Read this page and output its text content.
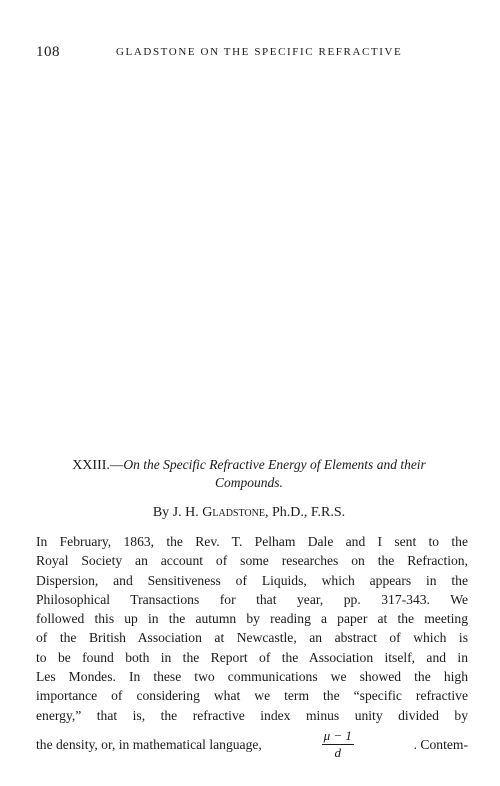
108	GLADSTONE ON THE SPECIFIC REFRACTIVE
XXIII.—On the Specific Refractive Energy of Elements and their
Compounds.
By J. H. Gladstone, Ph.D., F.R.S.
In February, 1863, the Rev. T. Pelham Dale and I sent to the
Royal Society an account of some researches on the Refraction,
Dispersion, and Sensitiveness of Liquids, which appears in the
Philosophical Transactions for that year, pp. 317-343. We
followed this up in the autumn by reading a paper at the meeting
of the British Association at Newcastle, an abstract of which is
to be found both in the Report of the Association itself, and in
Les Mondes. In these two communications we showed the high
importance of considering what we term the “specific refractive
energy,” that is, the refractive index minus unity divided by
the density, or, in mathematical language,	$\frac{\mu - 1}{d}$	. Contem-
